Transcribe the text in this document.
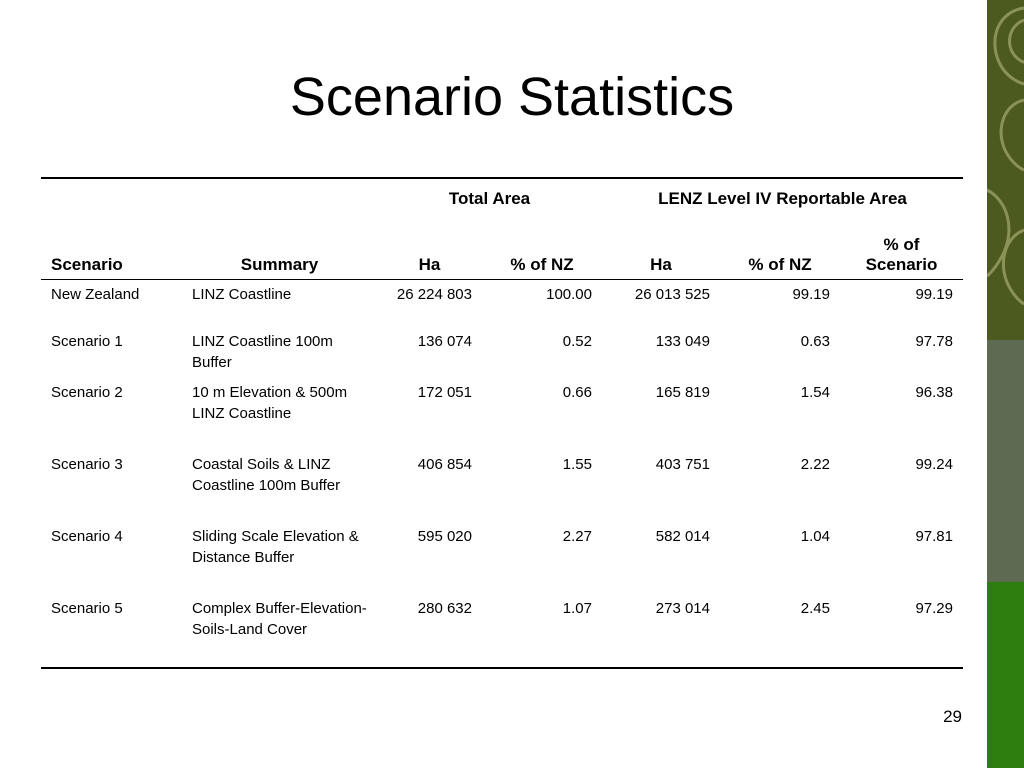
Scenario Statistics
		Total Area		LENZ Level IV Reportable Area		
Scenario	Summary	Ha	% of NZ	Ha	% of NZ	% of Scenario
New Zealand	LINZ Coastline	26 224 803	100.00	26 013 525	99.19	99.19
Scenario 1	LINZ Coastline 100m Buffer	136 074	0.52	133 049	0.63	97.78
Scenario 2	10 m Elevation & 500m LINZ Coastline	172 051	0.66	165 819	1.54	96.38
Scenario 3	Coastal Soils & LINZ Coastline 100m Buffer	406 854	1.55	403 751	2.22	99.24
Scenario 4	Sliding Scale Elevation & Distance Buffer	595 020	2.27	582 014	1.04	97.81
Scenario 5	Complex Buffer-Elevation-Soils-Land Cover	280 632	1.07	273 014	2.45	97.29
29
